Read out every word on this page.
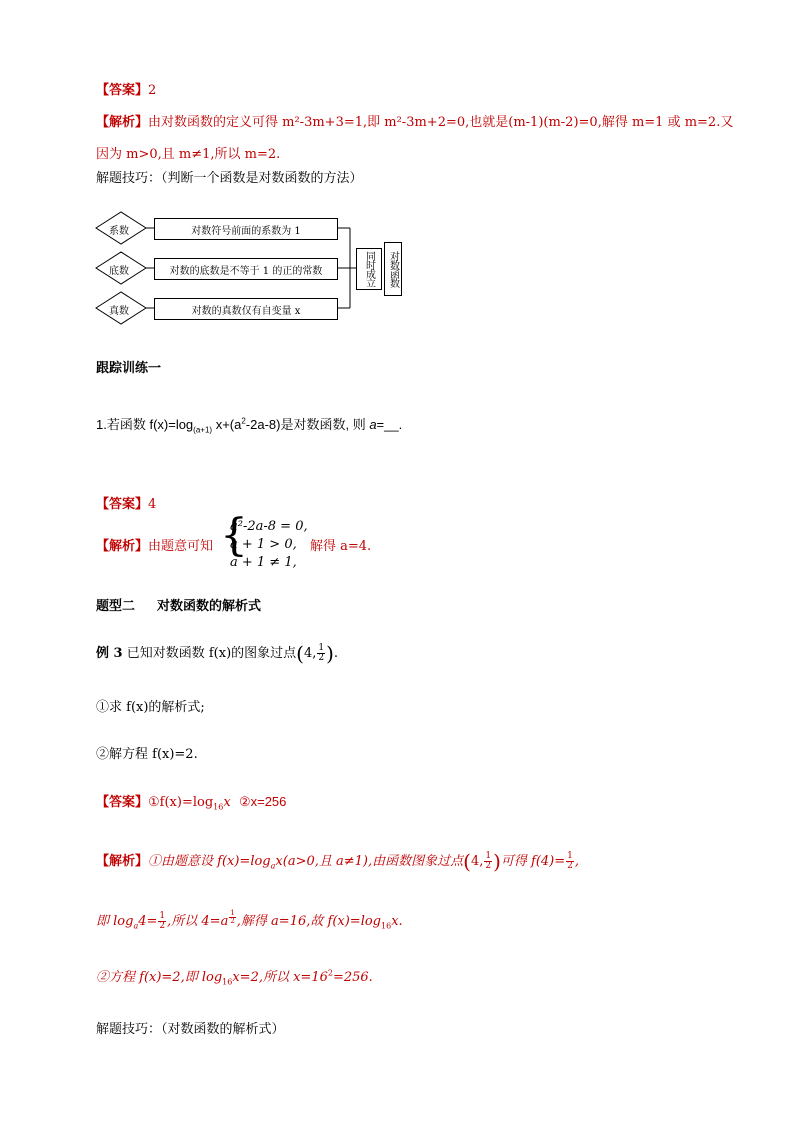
【答案】2
【解析】由对数函数的定义可得 m²-3m+3=1,即 m²-3m+2=0,也就是(m-1)(m-2)=0,解得 m=1 或 m=2.又
因为 m>0,且 m≠1,所以 m=2.
解题技巧：（判断一个函数是对数函数的方法）
系数
底数
真数
对数符号前面的系数为 1
对数的底数是不等于 1 的正的常数
对数的真数仅有自变量 x
同时成立	对数函数
跟踪训练一
1.若函数 $f(x)=\log_{(a+1)}$ $x+(a^2-2a-8)$是对数函数, 则 a=__.
【答案】4
【解析】由题意可知 {
a²-2a-8 = 0,
a + 1 > 0,
a + 1 ≠ 1,
解得 a=4.
题型二 对数函数的解析式
例 3 已知对数函数 f(x)的图象过点(4, $\frac{1}{2}$ ).
①求 f(x)的解析式;
②解方程 f(x)=2.
【答案】$①f(x)=\log_{16}x$ ②x=256
【解析】①由题意设 $f(x)=\log_ax(a>0$,且 a≠1),由函数图象过点(4, $\frac{1}{2}$ )可得 $f(4)= \frac{1}{2}$ ,
即 $\log_a4= \frac{1}{2}$ ,所以 4=a $^{\frac{1}{2}}$ ,解得 a=16,故 $f(x)=\log_{16}x$.
②方程 f(x)=2,即 $\log_{16}x=2$,所以 $x=16^2=256$.
解题技巧：（对数函数的解析式）
